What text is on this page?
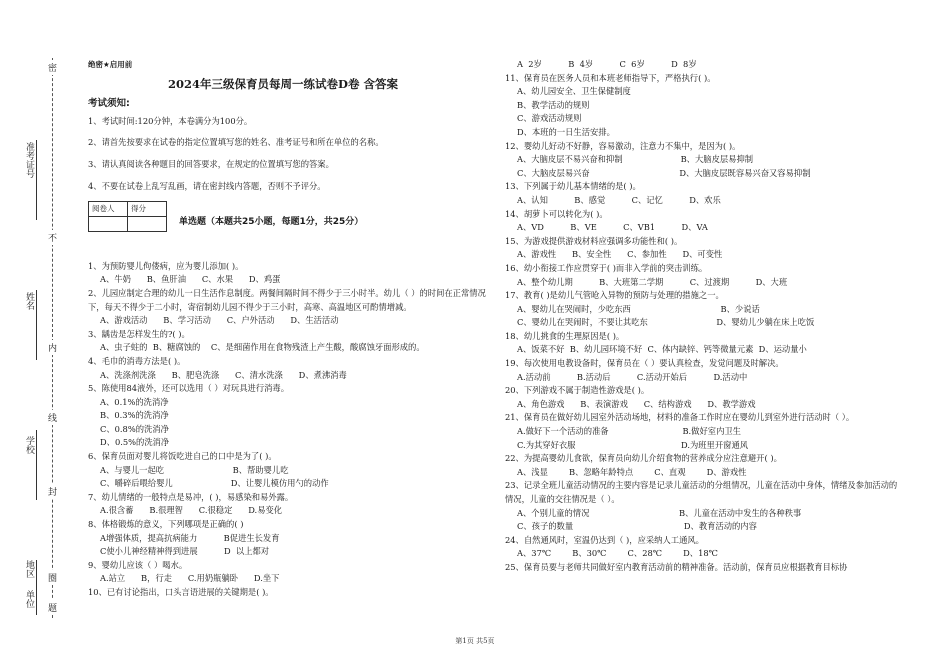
准考证号
姓名
学校
单位
地区
密
不
内
线
封
圈
题
绝密★启用前
2024年三级保育员每周一练试卷D卷 含答案
考试须知:
1、考试时间:120分钟，本卷满分为100分。
2、请首先按要求在试卷的指定位置填写您的姓名、准考证号和所在单位的名称。
3、请认真阅读各种题目的回答要求，在规定的位置填写您的答案。
4、不要在试卷上乱写乱画，请在密封线内答题，否则不予评分。
阅卷人	得分

单选题（本题共25小题，每题1分，共25分）
1、为预防婴儿佝偻病，应为婴儿添加( )。
A、牛奶      B、鱼肝油      C、水果      D、鸡蛋
2、儿园应制定合理的幼儿一日生活作息制度。两餐间隔时间不得少于三小时半。幼儿（ ）的时间在正常情况下，每天不得少于二小时，寄宿制幼儿园不得少于三小时，高寒、高温地区可酌情增减。
A、游戏活动      B、学习活动      C、户外活动      D、生活活动
3、龋齿是怎样发生的?( )。
A、虫子蛀的  B、糖腐蚀的    C、是细菌作用在食物残渣上产生酸，酸腐蚀牙面形成的。
4、毛巾的消毒方法是( )。
A、洗涤剂洗涤      B、肥皂洗涤      C、清水洗涤      D、煮沸消毒
5、陈使用84液外，还可以选用（ ）对玩具进行消毒。
A、0.1%的洗消净
B、0.3%的洗消净
C、0.8%的洗消净
D、0.5%的洗消净
6、保育员面对婴儿将饭吃进自己的口中是为了( )。
A、与婴儿一起吃                          B、帮助婴儿吃
C、嚼碎后喂给婴儿                      D、让婴儿模仿用勺的动作
7、幼儿情绪的一般特点是易冲，( )，易感染和易外露。
A.很含蓄      B.很理智      C.很稳定      D.易变化
8、体格锻炼的意义，下列哪项是正确的( )
A增强体质，提高抗病能力          B促进生长发育
C使小儿神经精神得到进展          D  以上都对
9、婴幼儿应该（ ）喝水。
A.站立      B，行走      C.用奶瓶躺卧      D.坐下
10、已有讨论指出，口头言语进展的关键期是( )。
A  2岁          B  4岁          C  6岁          D  8岁
11、保育员在医务人员和本班老师指导下，严格执行( )。
A、幼儿园安全、卫生保健制度
B、教学活动的规则
C、游戏活动规则
D、本班的一日生活安排。
12、婴幼儿好动不好静，容易激动，注意力不集中，是因为( )。
A、大脑皮层不易兴奋和抑制                      B、大脑皮层易抑制
C、大脑皮层易兴奋                                  D、大脑皮层既容易兴奋又容易抑制
13、下列属于幼儿基本情绪的是( )。
A、认知          B、感觉          C、记忆          D、欢乐
14、胡萝卜可以转化为( )。
A、VD          B、VE          C、VB1          D、VA
15、为游戏提供游戏材料应强调多功能性和( )。
A、游戏性      B、安全性      C、参加性      D、可变性
16、幼小衔接工作应贯穿于( )而非入学前的突击训练。
A、整个幼儿期          B、大班第二学期          C、过渡期          D、大班
17、教育( )是幼儿气管呛入异物的预防与处理的措施之一。
A、婴幼儿在哭闹时，少吃东西                                  B、少说话
C、婴幼儿在哭闹时，不要让其吃东                          D、婴幼儿少躺在床上吃饭
18、幼儿挑食的生理原因是( )。
A、饭菜不好  B、幼儿园环境不好  C、体内缺锌、钙等微量元素  D、运动量小
19、每次使用电教设备时，保育员在（ ）要认真检查，发觉问题及时解决。
A.活动前          B.活动后          C.活动开始后          D.活动中
20、下列游戏不属于制造性游戏是( )。
A、角色游戏      B、表演游戏      C、结构游戏      D、教学游戏
21、保育员在做好幼儿园室外活动场地，材料的准备工作时应在婴幼儿到室外进行活动时（ ）。
A.做好下一个活动的准备                            B.做好室内卫生
C.为其穿好衣服                                        D.为班里开窗通风
22、为提高婴幼儿食欲，保育员向幼儿介绍食物的营养成分应注意避开( )。
A、浅显        B、忽略年龄特点        C、直观        D、游戏性
23、记录全班儿童活动情况的主要内容是记录儿童活动的分组情况，儿童在活动中身体，情绪及参加活动的情况，儿童的交往情况是（ ）。
A、个别儿童的情况                                  B、儿童在活动中发生的各种秩事
C、孩子的数量                                          D、教育活动的内容
24、自然通风时，室温仍达到（ )，应采纳人工通风。
A、37℃        B、30℃        C、28℃        D、18℃
25、保育员要与老师共同做好室内教育活动前的精神准备。活动前，保育员应根据教育目标协
第1页 共5页
